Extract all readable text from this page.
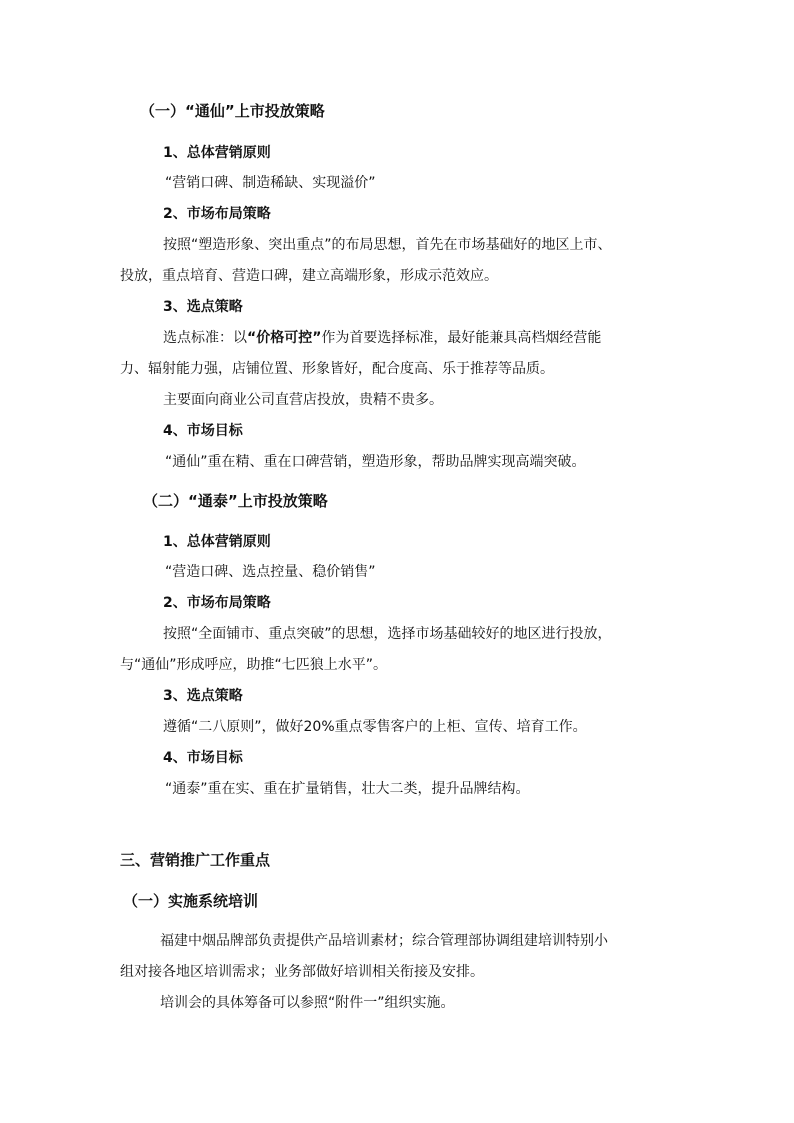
（一）“通仙”上市投放策略
1、总体营销原则
“营销口碑、制造稀缺、实现溢价”
2、市场布局策略
按照“塑造形象、突出重点”的布局思想，首先在市场基础好的地区上市、
投放，重点培育、营造口碑，建立高端形象，形成示范效应。
3、选点策略
选点标准：以“价格可控”作为首要选择标准，最好能兼具高档烟经营能
力、辐射能力强，店铺位置、形象皆好，配合度高、乐于推荐等品质。
主要面向商业公司直营店投放，贵精不贵多。
4、市场目标
“通仙”重在精、重在口碑营销，塑造形象，帮助品牌实现高端突破。
（二）“通泰”上市投放策略
1、总体营销原则
“营造口碑、选点控量、稳价销售”
2、市场布局策略
按照“全面铺市、重点突破”的思想，选择市场基础较好的地区进行投放，
与“通仙”形成呼应，助推“七匹狼上水平”。
3、选点策略
遵循“二八原则”，做好20%重点零售客户的上柜、宣传、培育工作。
4、市场目标
“通泰”重在实、重在扩量销售，壮大二类，提升品牌结构。
三、营销推广工作重点
（一）实施系统培训
福建中烟品牌部负责提供产品培训素材；综合管理部协调组建培训特别小
组对接各地区培训需求；业务部做好培训相关衔接及安排。
培训会的具体筹备可以参照“附件一”组织实施。
